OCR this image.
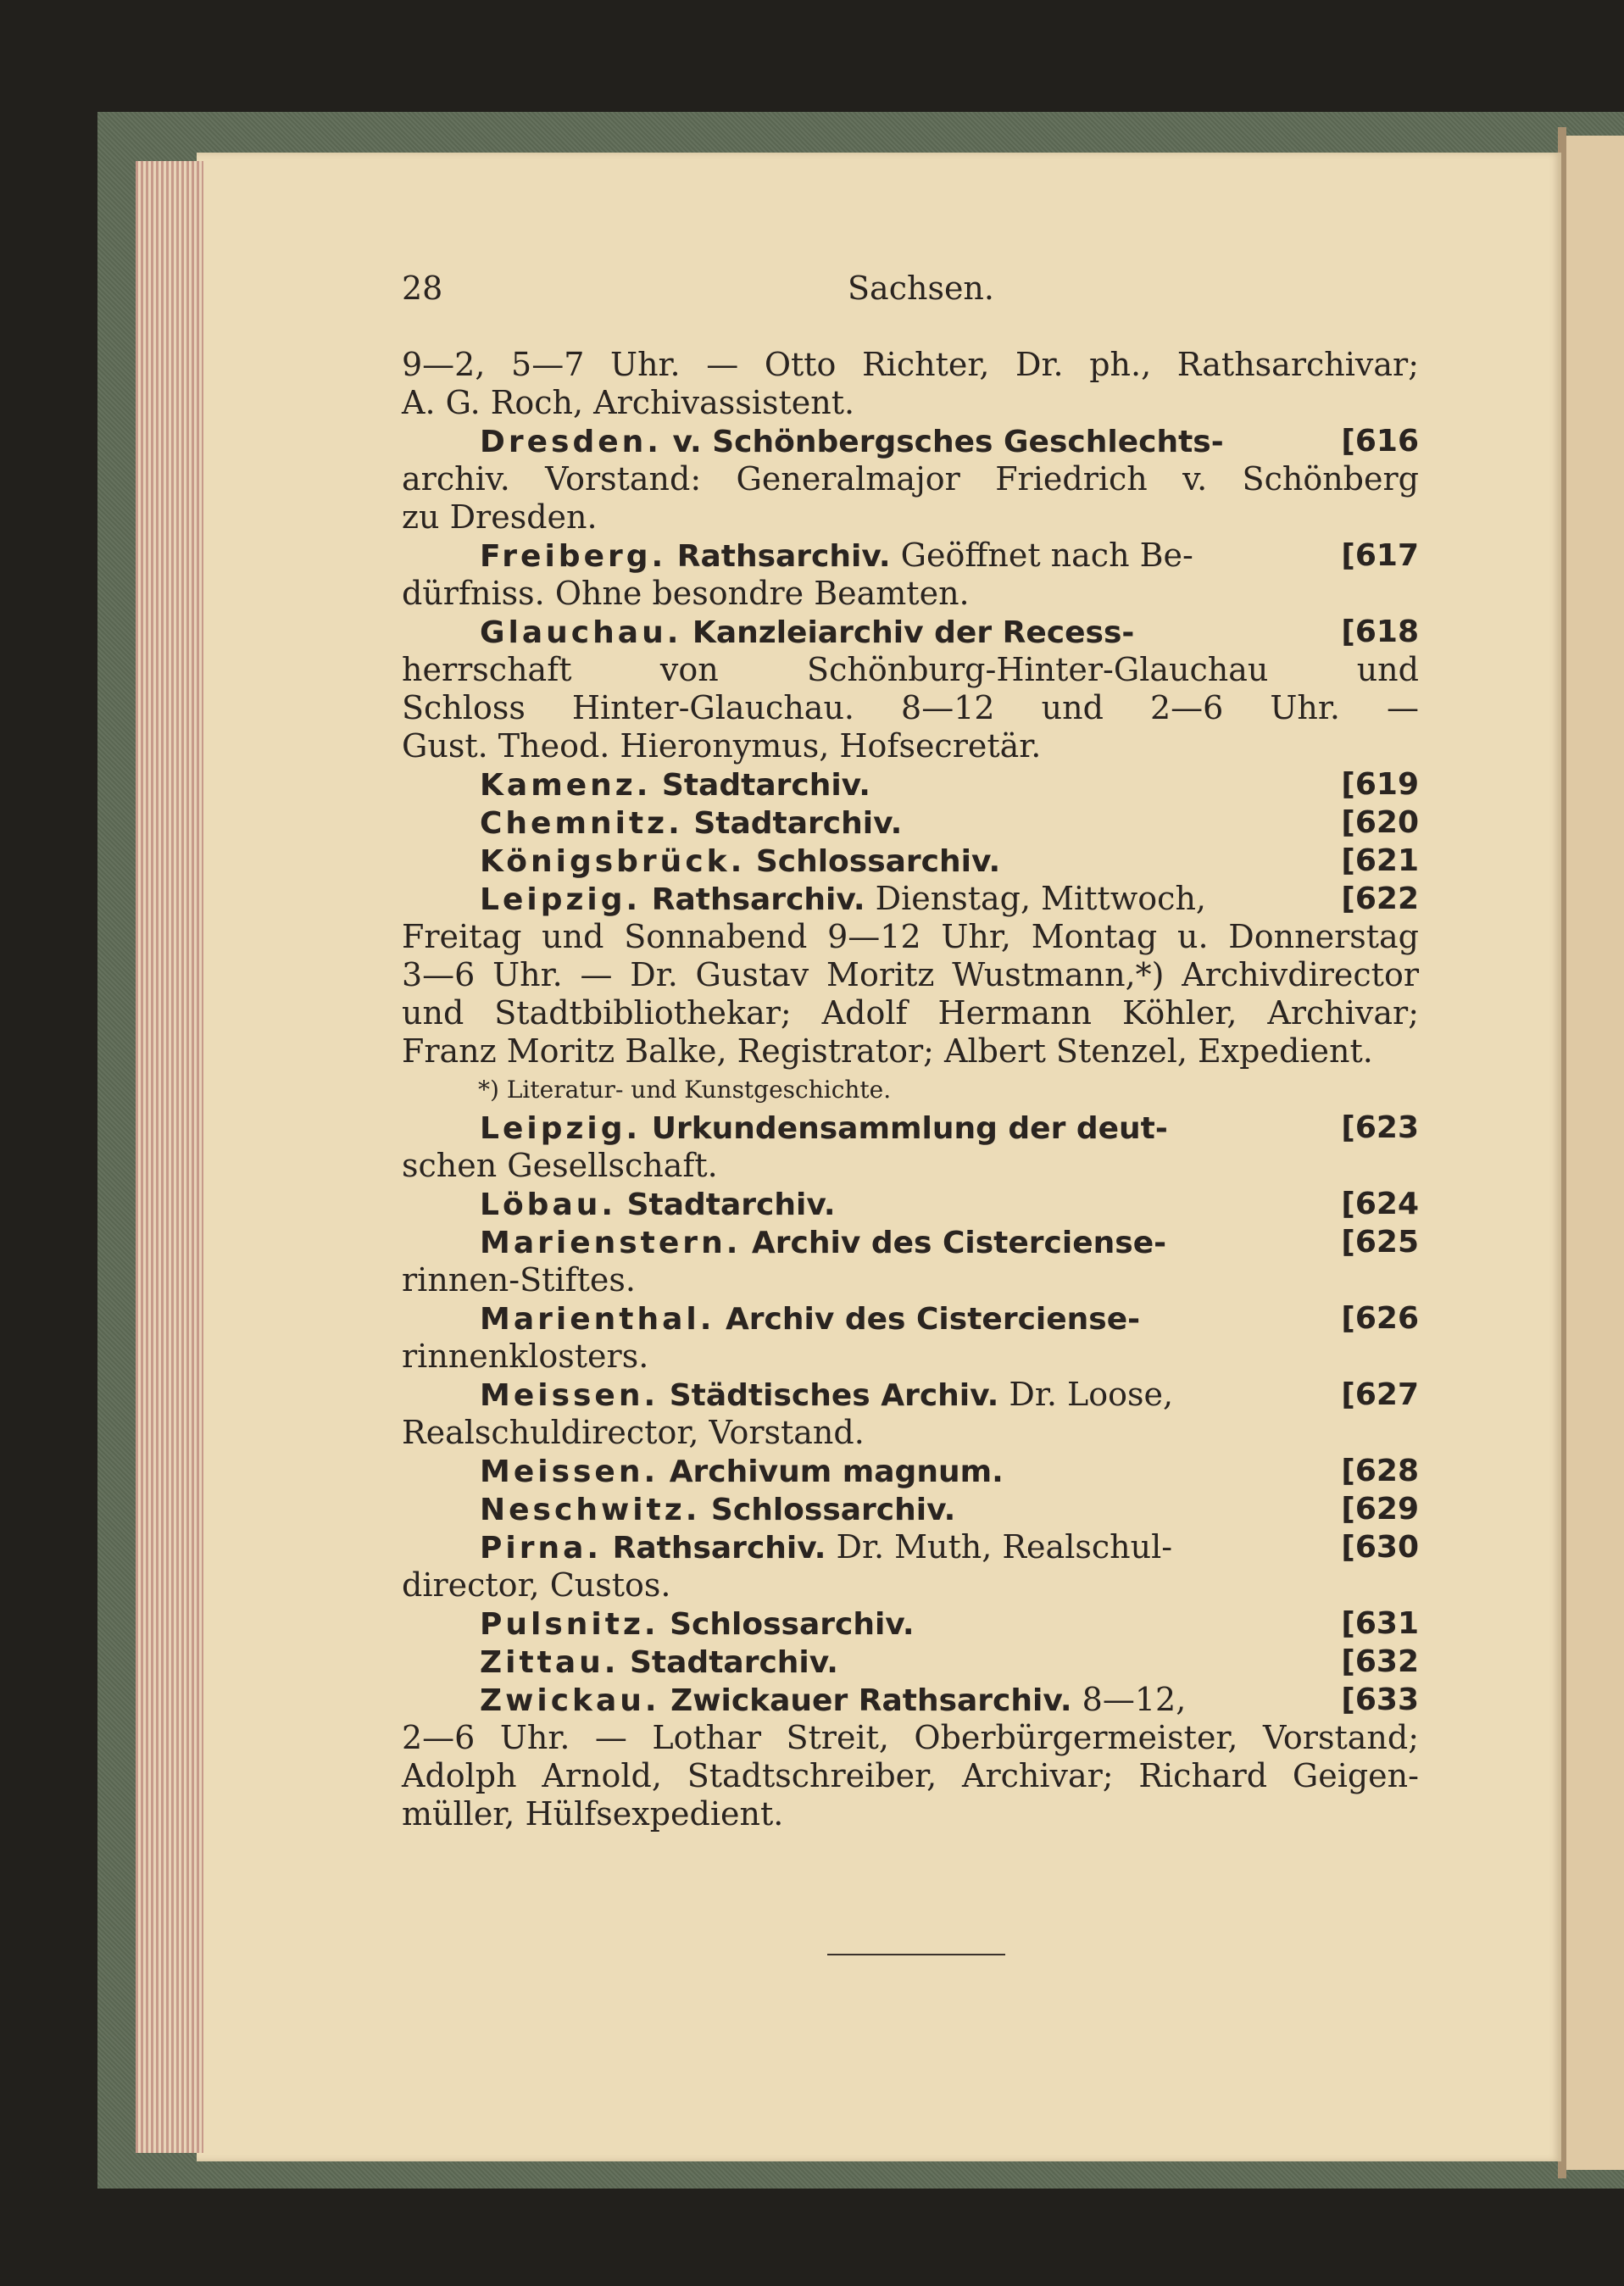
28	Sachsen.
9—2, 5—7 Uhr. — Otto Richter, Dr. ph., Rathsarchivar;
A. G. Roch, Archivassistent.
Dresden. v. Schönbergsches Geschlechts-	[616
archiv. Vorstand: Generalmajor Friedrich v. Schönberg
zu Dresden.
Freiberg. Rathsarchiv. Geöffnet nach Be-	[617
dürfniss. Ohne besondre Beamten.
Glauchau. Kanzleiarchiv der Recess-	[618
herrschaft von Schönburg-Hinter-Glauchau und
Schloss Hinter-Glauchau. 8—12 und 2—6 Uhr. —
Gust. Theod. Hieronymus, Hofsecretär.
Kamenz. Stadtarchiv.	[619
Chemnitz. Stadtarchiv.	[620
Königsbrück. Schlossarchiv.	[621
Leipzig. Rathsarchiv. Dienstag, Mittwoch,	[622
Freitag und Sonnabend 9—12 Uhr, Montag u. Donnerstag
3—6 Uhr. — Dr. Gustav Moritz Wustmann,*) Archivdirector
und Stadtbibliothekar; Adolf Hermann Köhler, Archivar;
Franz Moritz Balke, Registrator; Albert Stenzel, Expedient.
*) Literatur- und Kunstgeschichte.
Leipzig. Urkundensammlung der deut-	[623
schen Gesellschaft.
Löbau. Stadtarchiv.	[624
Marienstern. Archiv des Cisterciense-	[625
rinnen-Stiftes.
Marienthal. Archiv des Cisterciense-	[626
rinnenklosters.
Meissen. Städtisches Archiv. Dr. Loose,	[627
Realschuldirector, Vorstand.
Meissen. Archivum magnum.	[628
Neschwitz. Schlossarchiv.	[629
Pirna. Rathsarchiv. Dr. Muth, Realschul-	[630
director, Custos.
Pulsnitz. Schlossarchiv.	[631
Zittau. Stadtarchiv.	[632
Zwickau. Zwickauer Rathsarchiv. 8—12,	[633
2—6 Uhr. — Lothar Streit, Oberbürgermeister, Vorstand;
Adolph Arnold, Stadtschreiber, Archivar; Richard Geigen-
müller, Hülfsexpedient.
